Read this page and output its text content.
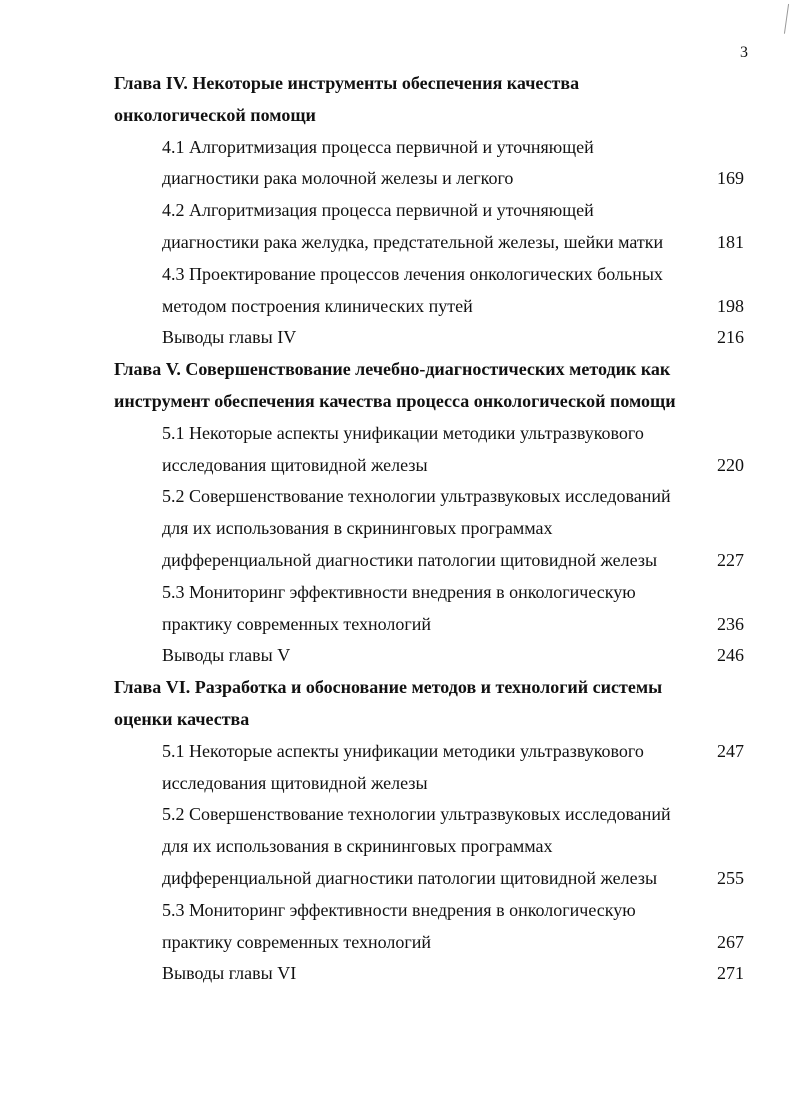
3
Глава IV. Некоторые инструменты обеспечения качества
онкологической помощи
4.1 Алгоритмизация процесса первичной и уточняющей
диагностики рака молочной железы и легкого	169
4.2 Алгоритмизация процесса первичной и уточняющей
диагностики рака желудка, предстательной железы, шейки матки	181
4.3 Проектирование процессов лечения онкологических больных
методом построения клинических путей	198
Выводы главы IV	216
Глава V. Совершенствование лечебно-диагностических методик как
инструмент обеспечения качества процесса онкологической помощи
5.1 Некоторые аспекты унификации методики ультразвукового
исследования щитовидной железы	220
5.2 Совершенствование технологии ультразвуковых исследований
для их использования в скрининговых программах
дифференциальной диагностики патологии щитовидной железы	227
5.3 Мониторинг эффективности внедрения в онкологическую
практику современных технологий	236
Выводы главы V	246
Глава VI. Разработка и обоснование методов и технологий системы
оценки качества
5.1 Некоторые аспекты унификации методики ультразвукового	247
исследования щитовидной железы
5.2 Совершенствование технологии ультразвуковых исследований
для их использования в скрининговых программах
дифференциальной диагностики патологии щитовидной железы	255
5.3 Мониторинг эффективности внедрения в онкологическую
практику современных технологий	267
Выводы главы VI	271
